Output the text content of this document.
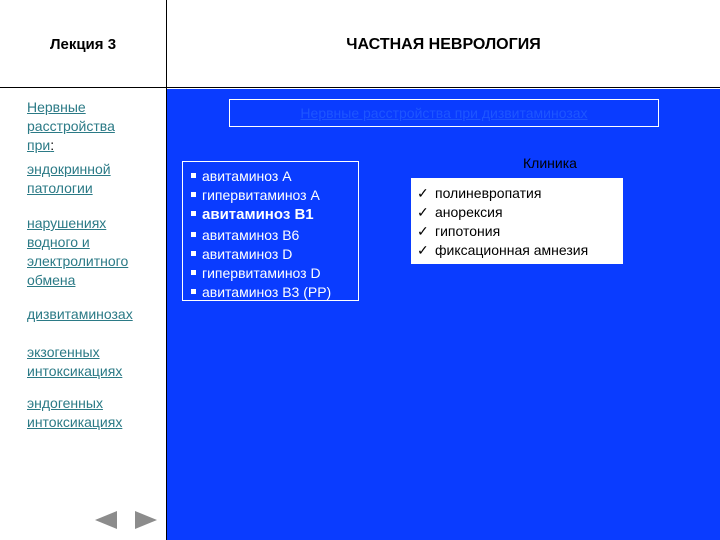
Лекция 3	ЧАСТНАЯ НЕВРОЛОГИЯ
Нервные
расстройства
при:
эндокринной
патологии
нарушениях
водного и
электролитного
обмена
дизвитаминозах
экзогенных
интоксикациях
эндогенных
интоксикациях
Нервные расстройства при дизвитаминозах
авитаминоз А
гипервитаминоз А
авитаминоз В1
авитаминоз В6
авитаминоз D
гипервитаминоз D
авитаминоз В3 (РР)
Клиника
✓ полиневропатия
✓ анорексия
✓ гипотония
✓ фиксационная амнезия
